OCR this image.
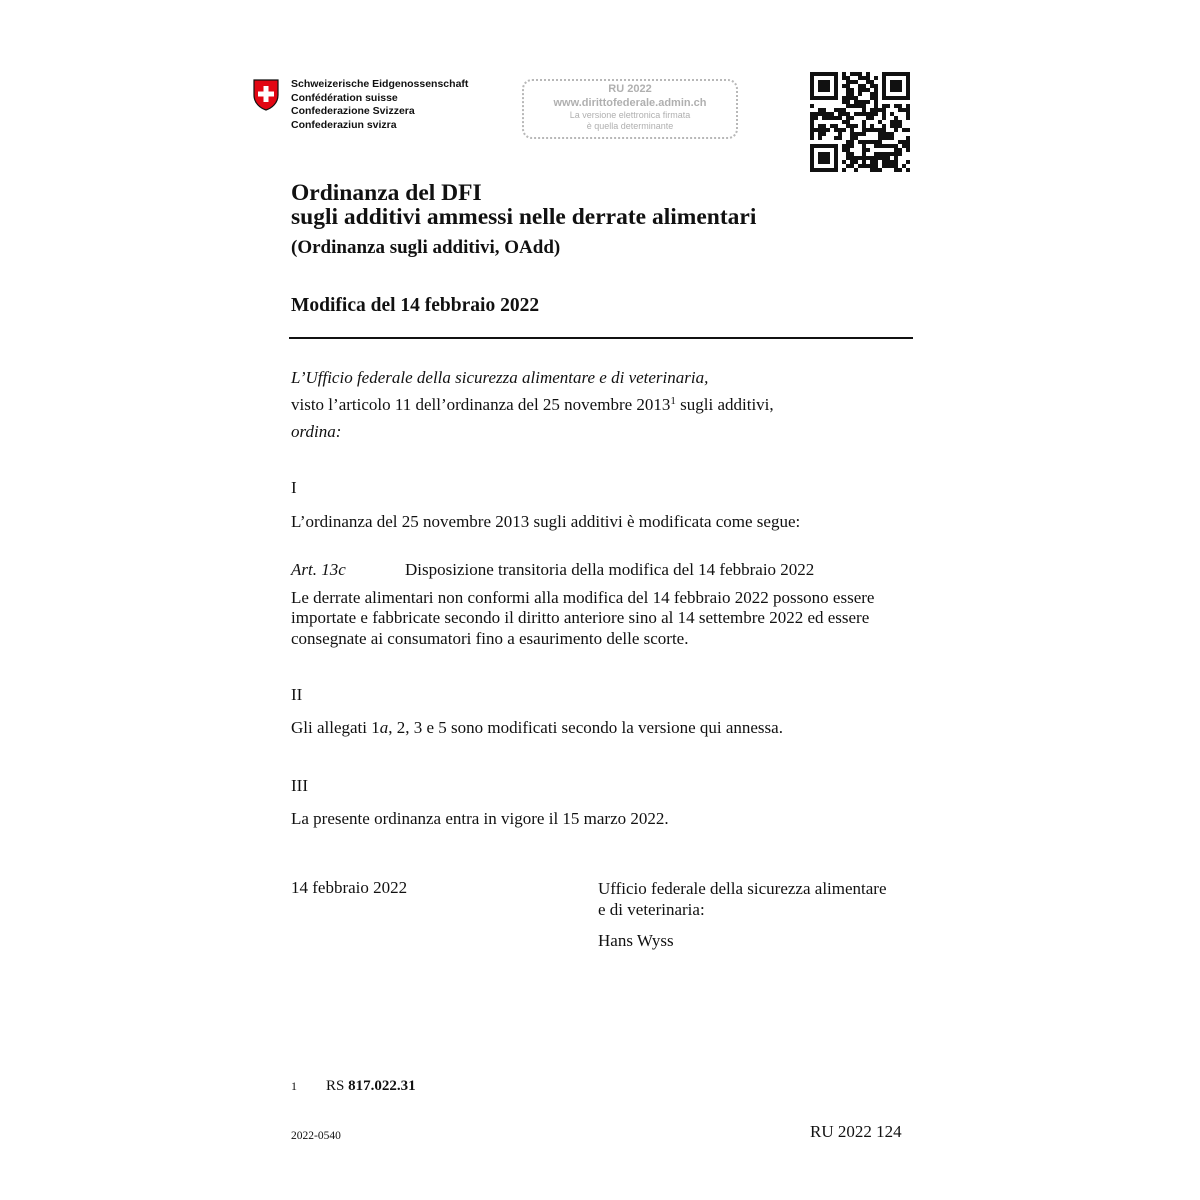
Schweizerische Eidgenossenschaft
Confédération suisse
Confederazione Svizzera
Confederaziun svizra
RU 2022
www.dirittofederale.admin.ch
La versione elettronica firmata
è quella determinante
Ordinanza del DFI
sugli additivi ammessi nelle derrate alimentari
(Ordinanza sugli additivi, OAdd)
Modifica del 14 febbraio 2022
L’Ufficio federale della sicurezza alimentare e di veterinaria,
visto l’articolo 11 dell’ordinanza del 25 novembre 2013$^1$ sugli additivi,
ordina:
I
L’ordinanza del 25 novembre 2013 sugli additivi è modificata come segue:
Art. 13c	Disposizione transitoria della modifica del 14 febbraio 2022
Le derrate alimentari non conformi alla modifica del 14 febbraio 2022 possono essere
importate e fabbricate secondo il diritto anteriore sino al 14 settembre 2022 ed essere
consegnate ai consumatori fino a esaurimento delle scorte.
II
Gli allegati 1a, 2, 3 e 5 sono modificati secondo la versione qui annessa.
III
La presente ordinanza entra in vigore il 15 marzo 2022.
14 febbraio 2022	Ufficio federale della sicurezza alimentare
e di veterinaria:
Hans Wyss
1 RS 817.022.31
2022-0540	RU 2022 124
